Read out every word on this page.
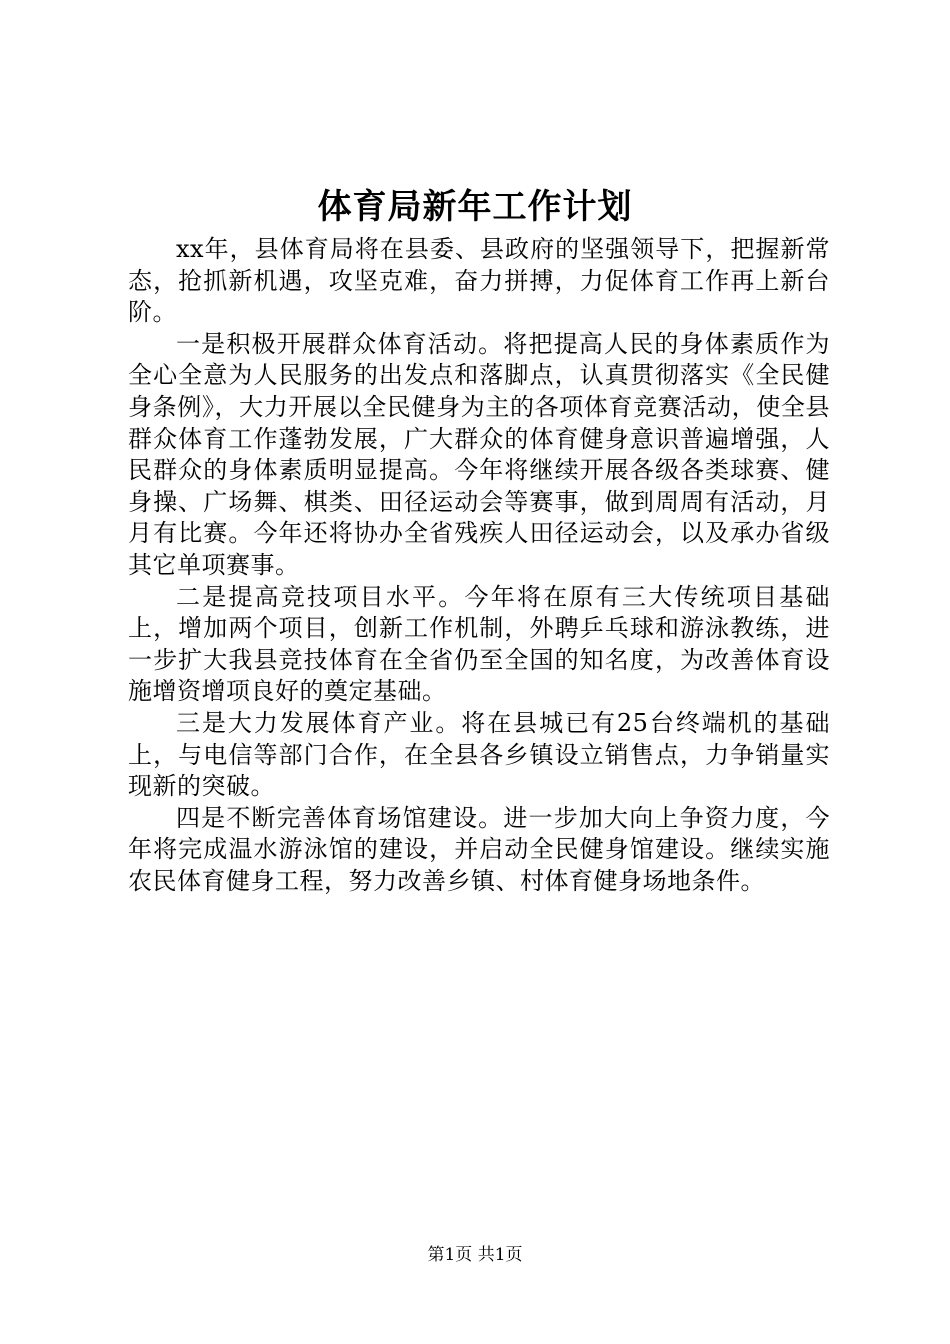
体育局新年工作计划

xx年，县体育局将在县委、县政府的坚强领导下，把握新常态，抢抓新机遇，攻坚克难，奋力拼搏，力促体育工作再上新台阶。

一是积极开展群众体育活动。将把提高人民的身体素质作为全心全意为人民服务的出发点和落脚点，认真贯彻落实《全民健身条例》，大力开展以全民健身为主的各项体育竞赛活动，使全县群众体育工作蓬勃发展，广大群众的体育健身意识普遍增强，人民群众的身体素质明显提高。今年将继续开展各级各类球赛、健身操、广场舞、棋类、田径运动会等赛事，做到周周有活动，月月有比赛。今年还将协办全省残疾人田径运动会，以及承办省级其它单项赛事。

二是提高竞技项目水平。今年将在原有三大传统项目基础上，增加两个项目，创新工作机制，外聘乒乓球和游泳教练，进一步扩大我县竞技体育在全省仍至全国的知名度，为改善体育设施增资增项良好的奠定基础。

三是大力发展体育产业。将在县城已有25台终端机的基础上，与电信等部门合作，在全县各乡镇设立销售点，力争销量实现新的突破。

四是不断完善体育场馆建设。进一步加大向上争资力度，今年将完成温水游泳馆的建设，并启动全民健身馆建设。继续实施农民体育健身工程，努力改善乡镇、村体育健身场地条件。

第1页 共1页
